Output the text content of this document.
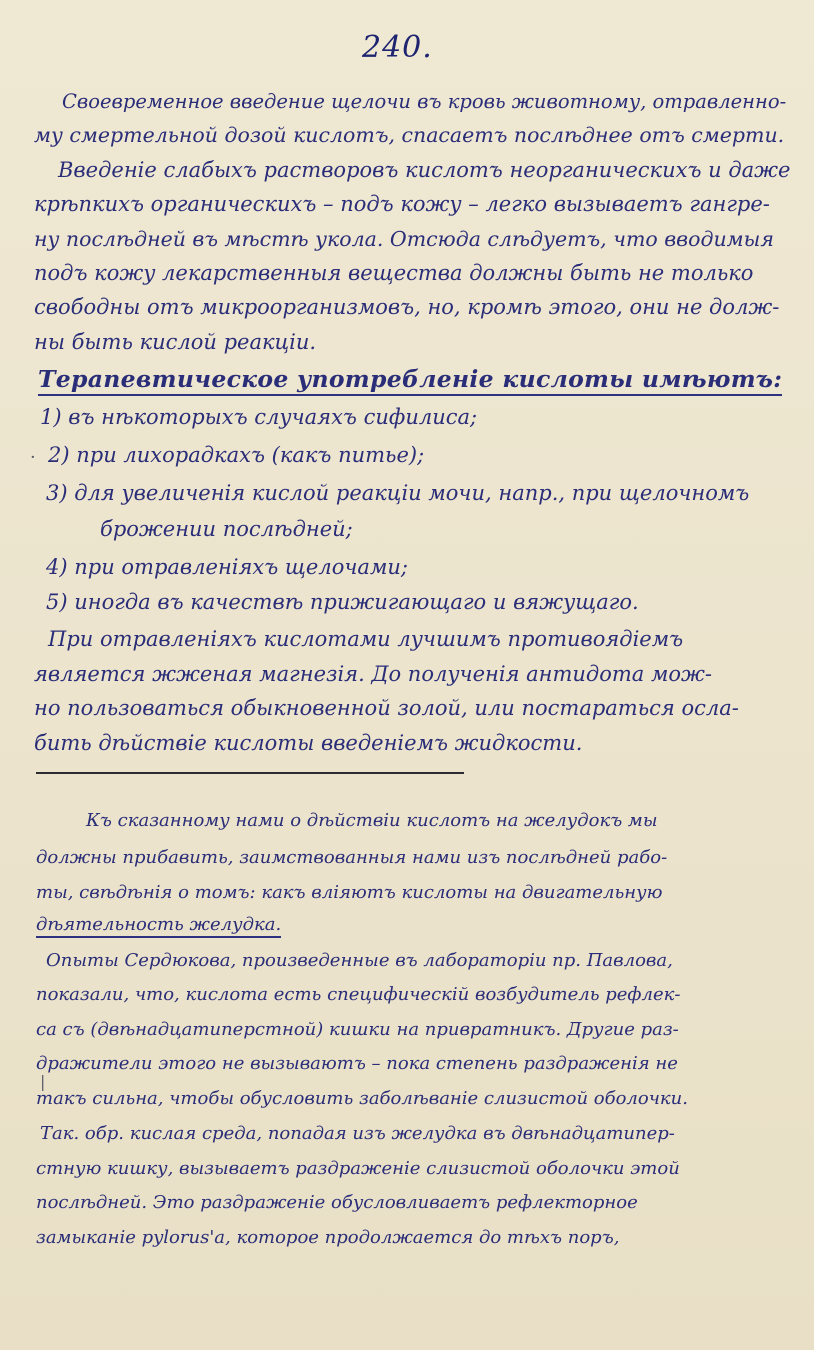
240.
Своевременное введение щелочи въ кровь животному, отравленно-
му смертельной дозой кислотъ, спасаетъ послѣднее отъ смерти.
Введеніе слабыхъ растворовъ кислотъ неорганическихъ и даже
крѣпкихъ органическихъ – подъ кожу – легко вызываетъ гангре-
ну послѣдней въ мѣстѣ укола. Отсюда слѣдуетъ, что вводимыя
подъ кожу лекарственныя вещества должны быть не только
свободны отъ микроорганизмовъ, но, кромѣ этого, они не долж-
ны быть кислой реакціи.
Терапевтическое употребленіе кислоты имѣютъ:
1) въ нѣкоторыхъ случаяхъ сифилиса;
· 2) при лихорадкахъ (какъ питье);
3) для увеличенія кислой реакціи мочи, напр., при щелочномъ
брожении послѣдней;
4) при отравленіяхъ щелочами;
5) иногда въ качествѣ прижигающаго и вяжущаго.
При отравленіяхъ кислотами лучшимъ противоядіемъ
является жженая магнезія. До полученія антидота мож-
но пользоваться обыкновенной золой, или постараться осла-
бить дѣйствіе кислоты введеніемъ жидкости.
Къ сказанному нами о дѣйствіи кислотъ на желудокъ мы
должны прибавить, заимствованныя нами изъ послѣдней рабо-
ты, свѣдѣнія о томъ: какъ вліяютъ кислоты на двигательную
дѣятельность желудка.
Опыты Сердюкова, произведенные въ лабораторіи пр. Павлова,
показали, что, кислота есть специфическій возбудитель рефлек-
са съ (двѣнадцатиперстной) кишки на привратникъ. Другие раз-
дражители этого не вызываютъ – пока степень раздраженія не
|
такъ сильна, чтобы обусловить заболѣваніе слизистой оболочки.
Так. обр. кислая среда, попадая изъ желудка въ двѣнадцатипер-
стную кишку, вызываетъ раздраженіе слизистой оболочки этой
послѣдней. Это раздраженіе обусловливаетъ рефлекторное
замыканіе pylorus'а, которое продолжается до тѣхъ поръ,
